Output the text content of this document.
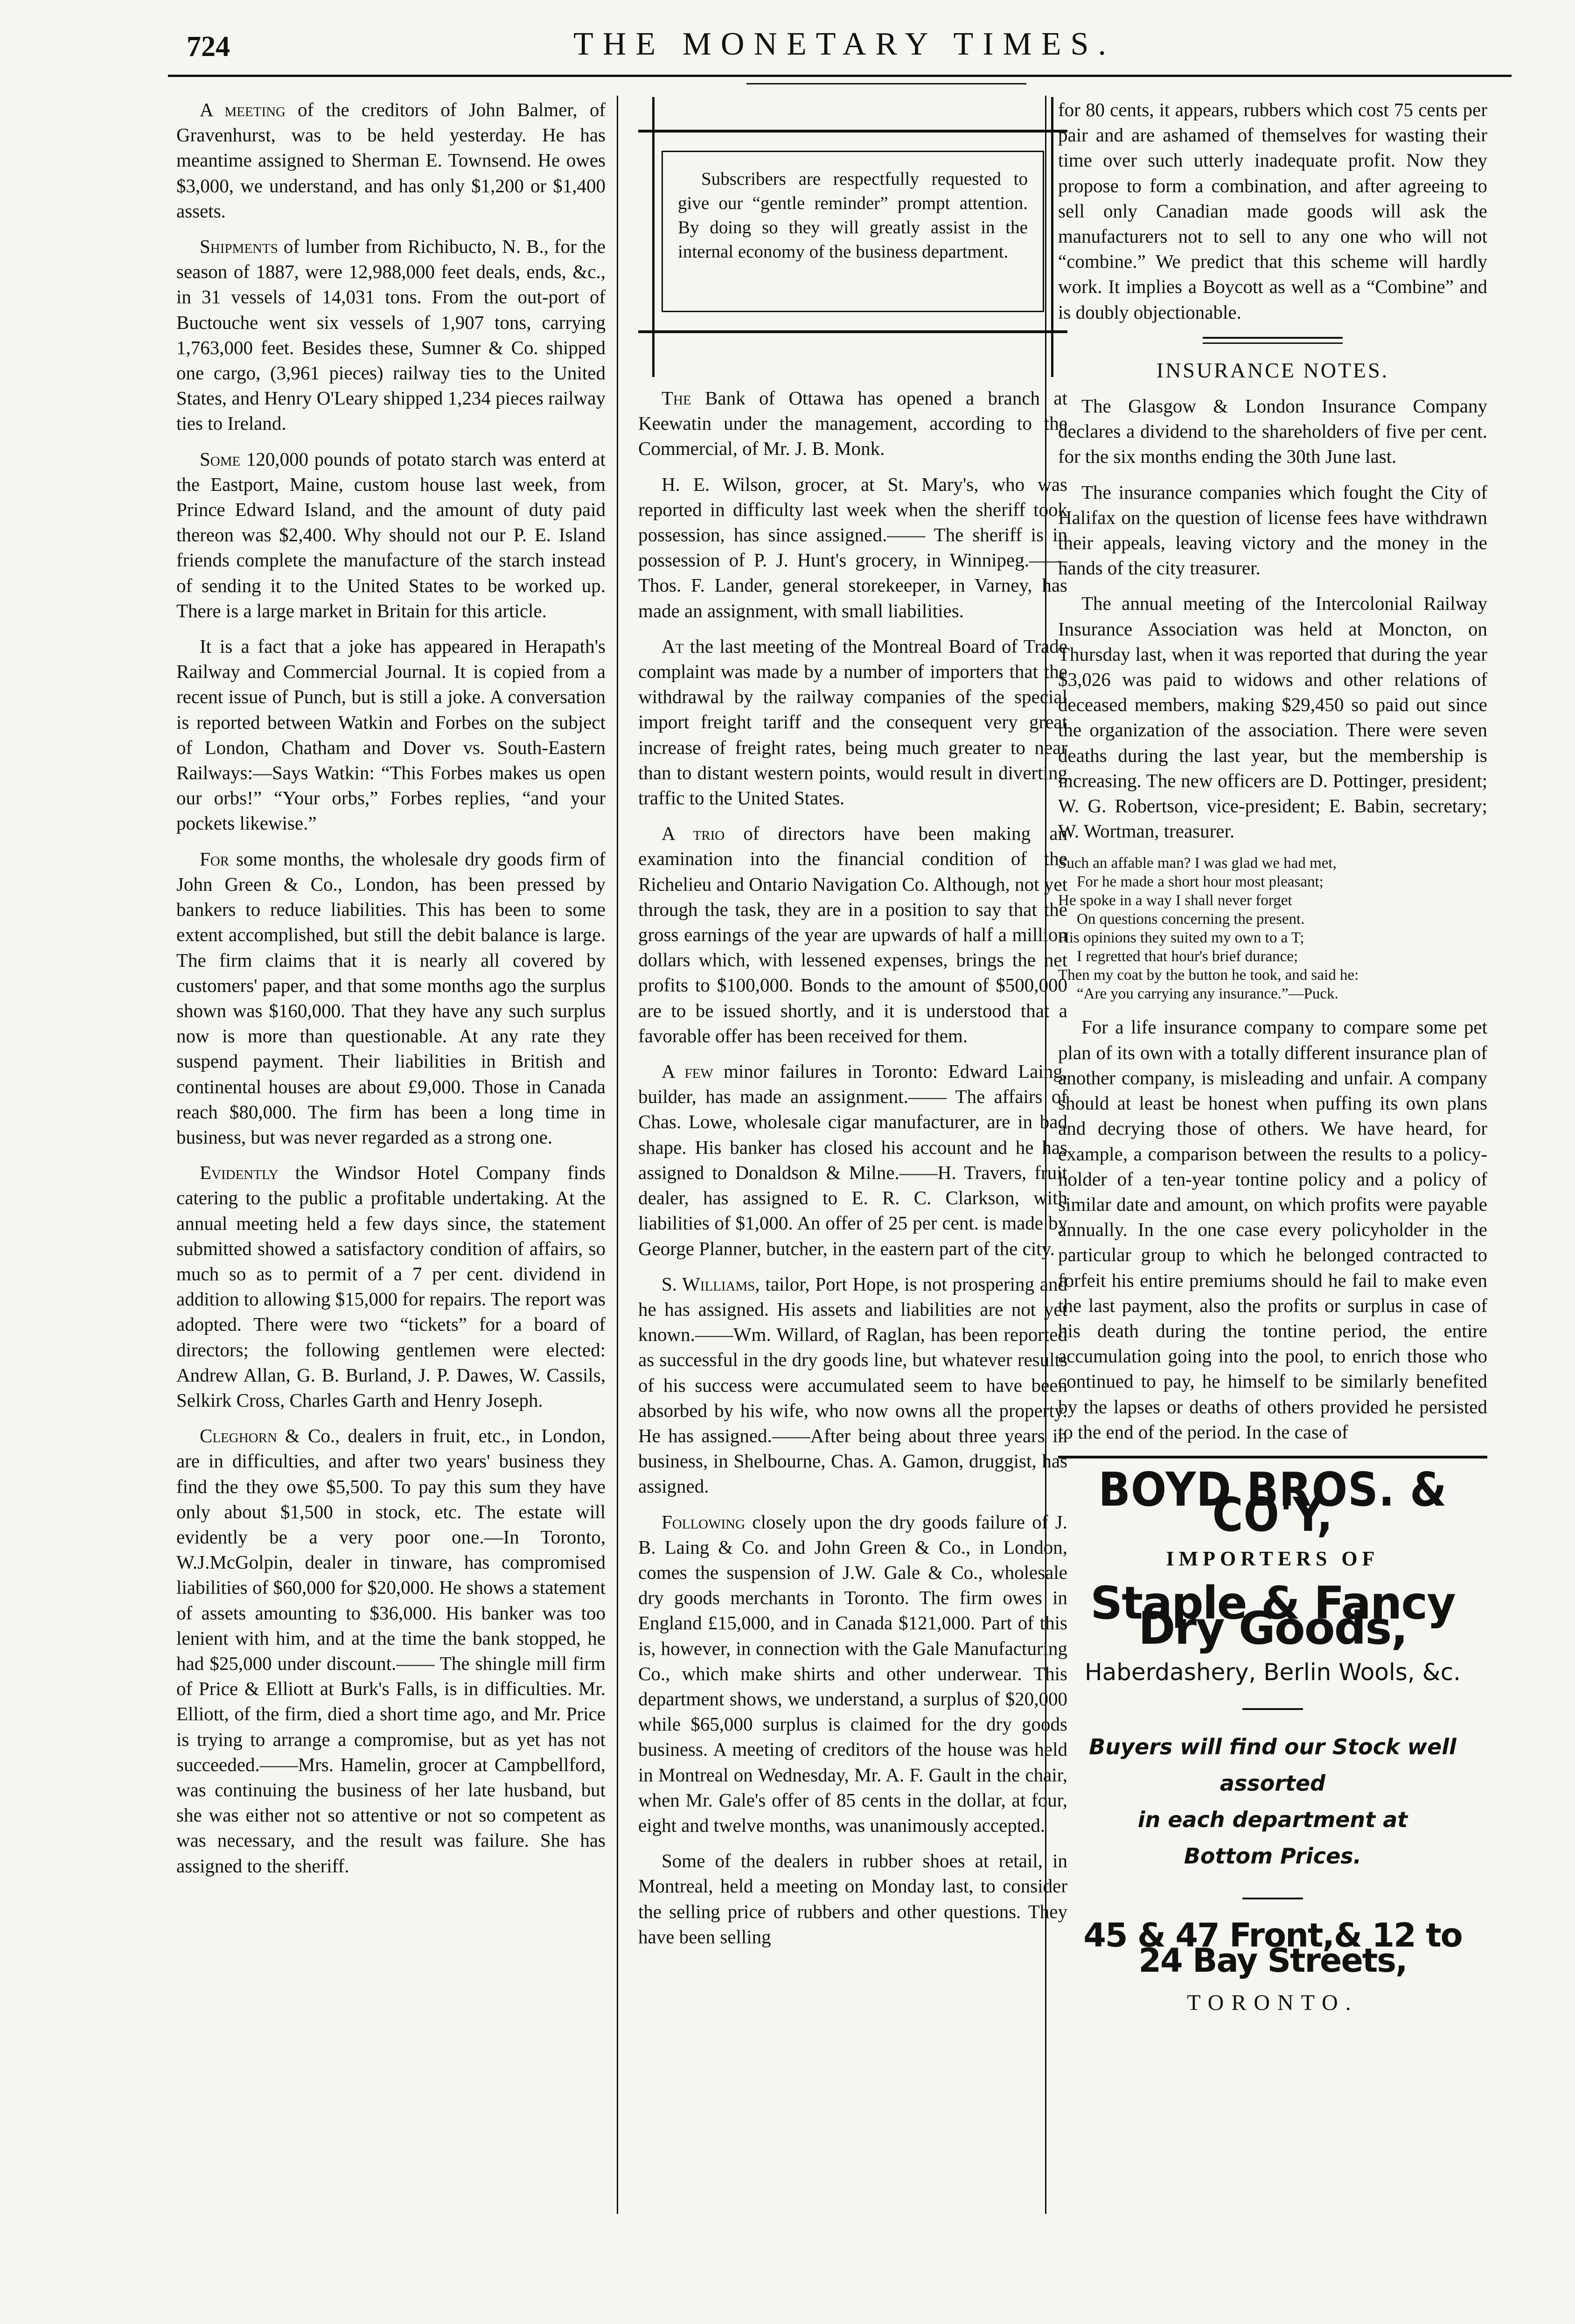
724	THE MONETARY TIMES.

A meeting of the creditors of John Balmer, of Gravenhurst, was to be held yesterday. He has meantime assigned to Sherman E. Townsend. He owes $3,000, we understand, and has only $1,200 or $1,400 assets.

Shipments of lumber from Richibucto, N. B., for the season of 1887, were 12,988,000 feet deals, ends, &c., in 31 vessels of 14,031 tons. From the out-port of Buctouche went six vessels of 1,907 tons, carrying 1,763,000 feet. Besides these, Sumner & Co. shipped one cargo, (3,961 pieces) railway ties to the United States, and Henry O'Leary shipped 1,234 pieces railway ties to Ireland.

Some 120,000 pounds of potato starch was enterd at the Eastport, Maine, custom house last week, from Prince Edward Island, and the amount of duty paid thereon was $2,400. Why should not our P. E. Island friends complete the manufacture of the starch instead of sending it to the United States to be worked up. There is a large market in Britain for this article.

It is a fact that a joke has appeared in Herapath's Railway and Commercial Journal. It is copied from a recent issue of Punch, but is still a joke. A conversation is reported between Watkin and Forbes on the subject of London, Chatham and Dover vs. South-Eastern Railways:—Says Watkin: “This Forbes makes us open our orbs!” “Your orbs,” Forbes replies, “and your pockets likewise.”

For some months, the wholesale dry goods firm of John Green & Co., London, has been pressed by bankers to reduce liabilities. This has been to some extent accomplished, but still the debit balance is large. The firm claims that it is nearly all covered by customers' paper, and that some months ago the surplus shown was $160,000. That they have any such surplus now is more than questionable. At any rate they suspend payment. Their liabilities in British and continental houses are about £9,000. Those in Canada reach $80,000. The firm has been a long time in business, but was never regarded as a strong one.

Evidently the Windsor Hotel Company finds catering to the public a profitable undertaking. At the annual meeting held a few days since, the statement submitted showed a satisfactory condition of affairs, so much so as to permit of a 7 per cent. dividend in addition to allowing $15,000 for repairs. The report was adopted. There were two “tickets” for a board of directors; the following gentlemen were elected: Andrew Allan, G. B. Burland, J. P. Dawes, W. Cassils, Selkirk Cross, Charles Garth and Henry Joseph.

Cleghorn & Co., dealers in fruit, etc., in London, are in difficulties, and after two years' business they find the they owe $5,500. To pay this sum they have only about $1,500 in stock, etc. The estate will evidently be a very poor one.—In Toronto, W.J.McGolpin, dealer in tinware, has compromised liabilities of $60,000 for $20,000. He shows a statement of assets amounting to $36,000. His banker was too lenient with him, and at the time the bank stopped, he had $25,000 under discount.—— The shingle mill firm of Price & Elliott at Burk's Falls, is in difficulties. Mr. Elliott, of the firm, died a short time ago, and Mr. Price is trying to arrange a compromise, but as yet has not succeeded.——Mrs. Hamelin, grocer at Campbellford, was continuing the business of her late husband, but she was either not so attentive or not so competent as was necessary, and the result was failure. She has assigned to the sheriff.

Subscribers are respectfully requested to give our “gentle reminder” prompt attention. By doing so they will greatly assist in the internal economy of the business department.

The Bank of Ottawa has opened a branch at Keewatin under the management, according to the Commercial, of Mr. J. B. Monk.

H. E. Wilson, grocer, at St. Mary's, who was reported in difficulty last week when the sheriff took possession, has since assigned.—— The sheriff is in possession of P. J. Hunt's grocery, in Winnipeg.——Thos. F. Lander, general storekeeper, in Varney, has made an assignment, with small liabilities.

At the last meeting of the Montreal Board of Trade complaint was made by a number of importers that the withdrawal by the railway companies of the special import freight tariff and the consequent very great increase of freight rates, being much greater to near than to distant western points, would result in diverting traffic to the United States.

A trio of directors have been making an examination into the financial condition of the Richelieu and Ontario Navigation Co. Although, not yet through the task, they are in a position to say that the gross earnings of the year are upwards of half a million dollars which, with lessened expenses, brings the net profits to $100,000. Bonds to the amount of $500,000 are to be issued shortly, and it is understood that a favorable offer has been received for them.

A few minor failures in Toronto: Edward Laing, builder, has made an assignment.—— The affairs of Chas. Lowe, wholesale cigar manufacturer, are in bad shape. His banker has closed his account and he has assigned to Donaldson & Milne.——H. Travers, fruit dealer, has assigned to E. R. C. Clarkson, with liabilities of $1,000. An offer of 25 per cent. is made by George Planner, butcher, in the eastern part of the city.

S. Williams, tailor, Port Hope, is not prospering and he has assigned. His assets and liabilities are not yet known.——Wm. Willard, of Raglan, has been reported as successful in the dry goods line, but whatever results of his success were accumulated seem to have been absorbed by his wife, who now owns all the property. He has assigned.——After being about three years in business, in Shelbourne, Chas. A. Gamon, druggist, has assigned.

Following closely upon the dry goods failure of J. B. Laing & Co. and John Green & Co., in London, comes the suspension of J.W. Gale & Co., wholesale dry goods merchants in Toronto. The firm owes in England £15,000, and in Canada $121,000. Part of this is, however, in connection with the Gale Manufacturing Co., which make shirts and other underwear. This department shows, we understand, a surplus of $20,000 while $65,000 surplus is claimed for the dry goods business. A meeting of creditors of the house was held in Montreal on Wednesday, Mr. A. F. Gault in the chair, when Mr. Gale's offer of 85 cents in the dollar, at four, eight and twelve months, was unanimously accepted.

Some of the dealers in rubber shoes at retail, in Montreal, held a meeting on Monday last, to consider the selling price of rubbers and other questions. They have been selling

for 80 cents, it appears, rubbers which cost 75 cents per pair and are ashamed of themselves for wasting their time over such utterly inadequate profit. Now they propose to form a combination, and after agreeing to sell only Canadian made goods will ask the manufacturers not to sell to any one who will not “combine.” We predict that this scheme will hardly work. It implies a Boycott as well as a “Combine” and is doubly objectionable.

INSURANCE NOTES.

The Glasgow & London Insurance Company declares a dividend to the shareholders of five per cent. for the six months ending the 30th June last.

The insurance companies which fought the City of Halifax on the question of license fees have withdrawn their appeals, leaving victory and the money in the hands of the city treasurer.

The annual meeting of the Intercolonial Railway Insurance Association was held at Moncton, on Thursday last, when it was reported that during the year $3,026 was paid to widows and other relations of deceased members, making $29,450 so paid out since the organization of the association. There were seven deaths during the last year, but the membership is increasing. The new officers are D. Pottinger, president; W. G. Robertson, vice-president; E. Babin, secretary; W. Wortman, treasurer.

Such an affable man? I was glad we had met,
For he made a short hour most pleasant;
He spoke in a way I shall never forget
On questions concerning the present.
His opinions they suited my own to a T;
I regretted that hour's brief durance;
Then my coat by the button he took, and said he:
“Are you carrying any insurance.”—Puck.

For a life insurance company to compare some pet plan of its own with a totally different insurance plan of another company, is misleading and unfair. A company should at least be honest when puffing its own plans and decrying those of others. We have heard, for example, a comparison between the results to a policy-holder of a ten-year tontine policy and a policy of similar date and amount, on which profits were payable annually. In the one case every policyholder in the particular group to which he belonged contracted to forfeit his entire premiums should he fail to make even the last payment, also the profits or surplus in case of his death during the tontine period, the entire accumulation going into the pool, to enrich those who continued to pay, he himself to be similarly benefited by the lapses or deaths of others provided he persisted to the end of the period. In the case of

BOYD BROS. & CO'Y,
IMPORTERS OF
Staple & Fancy Dry Goods,
Haberdashery, Berlin Wools, &c.
Buyers will find our Stock well assorted
in each department at
Bottom Prices.
45 & 47 Front,& 12 to 24 Bay Streets,
TORONTO.
